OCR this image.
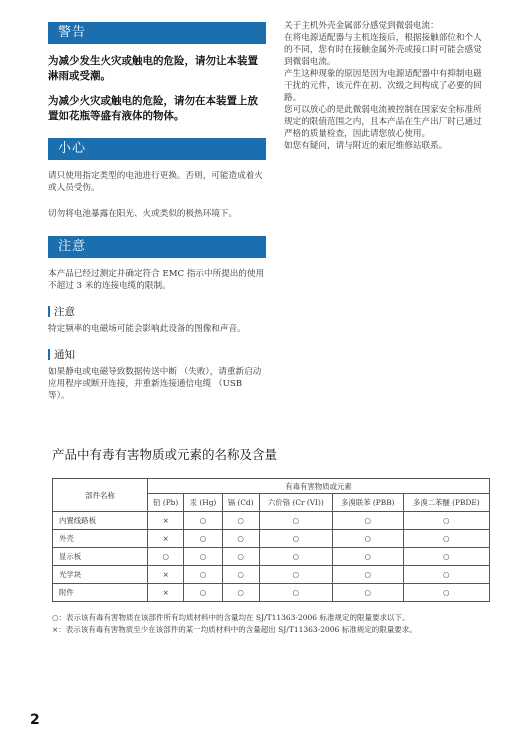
警告

为减少发生火灾或触电的危险，请勿让本装置淋雨或受潮。

为减少火灾或触电的危险，请勿在本装置上放置如花瓶等盛有液体的物体。

小心

请只使用指定类型的电池进行更换。否则，可能造成着火或人员受伤。

切勿将电池暴露在阳光、火或类似的极热环境下。

注意

本产品已经过测定并确定符合 EMC 指示中所提出的使用不超过 3 米的连接电缆的限制。

注意

特定频率的电磁场可能会影响此设备的图像和声音。

通知

如果静电或电磁导致数据传送中断 （失败），请重新启动应用程序或断开连接，并重新连接通信电缆 （USB 等）。

关于主机外壳金属部分感觉到微弱电流：

在将电源适配器与主机连接后，根据接触部位和个人的不同，您有时在接触金属外壳或接口时可能会感觉到微弱电流。

产生这种现象的原因是因为电源适配器中有抑制电磁干扰的元件，该元件在初、次级之间构成了必要的回路。

您可以放心的是此微弱电流被控制在国家安全标准所规定的限值范围之内，且本产品在生产出厂时已通过严格的质量检查，因此请您放心使用。

如您有疑问，请与附近的索尼维修站联系。

产品中有毒有害物质或元素的名称及含量
部件名称	有毒有害物质或元素					
	铅 (Pb)	汞 (Hg)	镉 (Cd)	六价铬 (Cr (VI))	多溴联苯 (PBB)	多溴二苯醚 (PBDE)
内置线路板	×	○	○	○	○	○
外壳	×	○	○	○	○	○
显示板	○	○	○	○	○	○
光学块	×	○	○	○	○	○
附件	×	○	○	○	○	○
○：表示该有毒有害物质在该部件所有均质材料中的含量均在 SJ/T11363-2006 标准规定的限量要求以下。
×：表示该有毒有害物质至少在该部件的某一均质材料中的含量超出 SJ/T11363-2006 标准规定的限量要求。
2
